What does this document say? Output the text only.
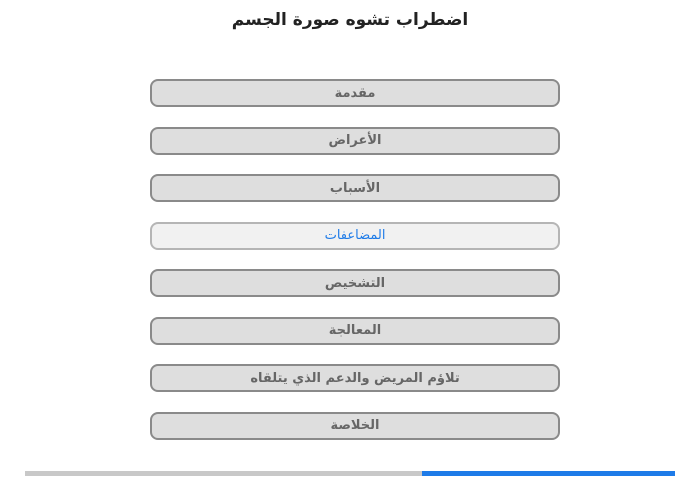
اضطراب تشوه صورة الجسم
مقدمة
الأعراض
الأسباب
المضاعفات
التشخيص
المعالجة
تلاؤم المريض والدعم الذي يتلقاه
الخلاصة
